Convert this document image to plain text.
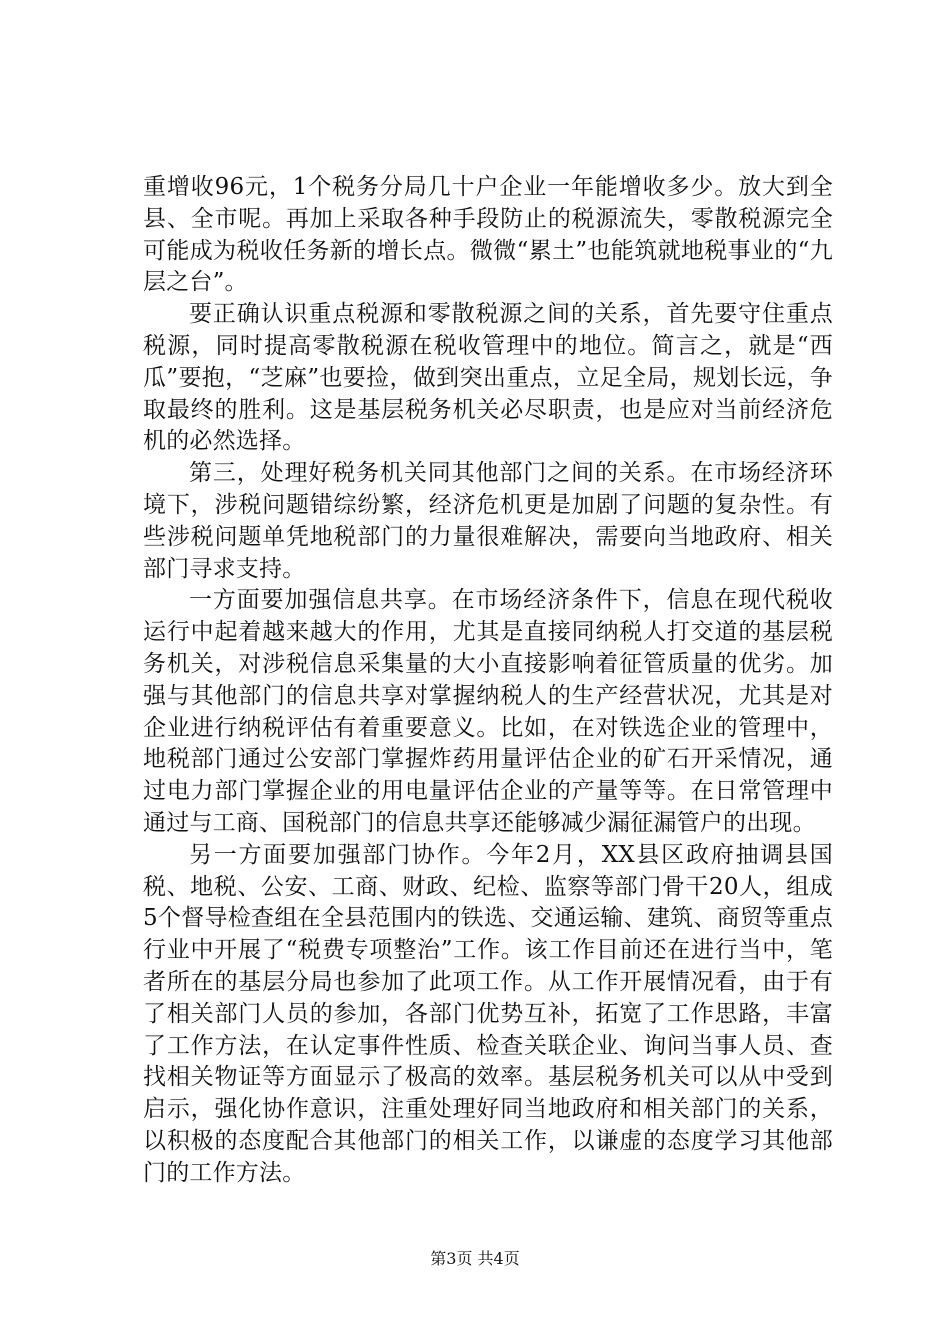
重增收96元，1个税务分局几十户企业一年能增收多少。放大到全县、全市呢。再加上采取各种手段防止的税源流失，零散税源完全可能成为税收任务新的增长点。微微“累土”也能筑就地税事业的“九层之台”。

要正确认识重点税源和零散税源之间的关系，首先要守住重点税源，同时提高零散税源在税收管理中的地位。简言之，就是“西瓜”要抱，“芝麻”也要捡，做到突出重点，立足全局，规划长远，争取最终的胜利。这是基层税务机关必尽职责，也是应对当前经济危机的必然选择。

第三，处理好税务机关同其他部门之间的关系。在市场经济环境下，涉税问题错综纷繁，经济危机更是加剧了问题的复杂性。有些涉税问题单凭地税部门的力量很难解决，需要向当地政府、相关部门寻求支持。

一方面要加强信息共享。在市场经济条件下，信息在现代税收运行中起着越来越大的作用，尤其是直接同纳税人打交道的基层税务机关，对涉税信息采集量的大小直接影响着征管质量的优劣。加强与其他部门的信息共享对掌握纳税人的生产经营状况，尤其是对企业进行纳税评估有着重要意义。比如，在对铁选企业的管理中，地税部门通过公安部门掌握炸药用量评估企业的矿石开采情况，通过电力部门掌握企业的用电量评估企业的产量等等。在日常管理中通过与工商、国税部门的信息共享还能够减少漏征漏管户的出现。

另一方面要加强部门协作。今年2月，XX县区政府抽调县国税、地税、公安、工商、财政、纪检、监察等部门骨干20人，组成5个督导检查组在全县范围内的铁选、交通运输、建筑、商贸等重点行业中开展了“税费专项整治”工作。该工作目前还在进行当中，笔者所在的基层分局也参加了此项工作。从工作开展情况看，由于有了相关部门人员的参加，各部门优势互补，拓宽了工作思路，丰富了工作方法，在认定事件性质、检查关联企业、询问当事人员、查找相关物证等方面显示了极高的效率。基层税务机关可以从中受到启示，强化协作意识，注重处理好同当地政府和相关部门的关系，以积极的态度配合其他部门的相关工作，以谦虚的态度学习其他部门的工作方法。

第3页 共4页
